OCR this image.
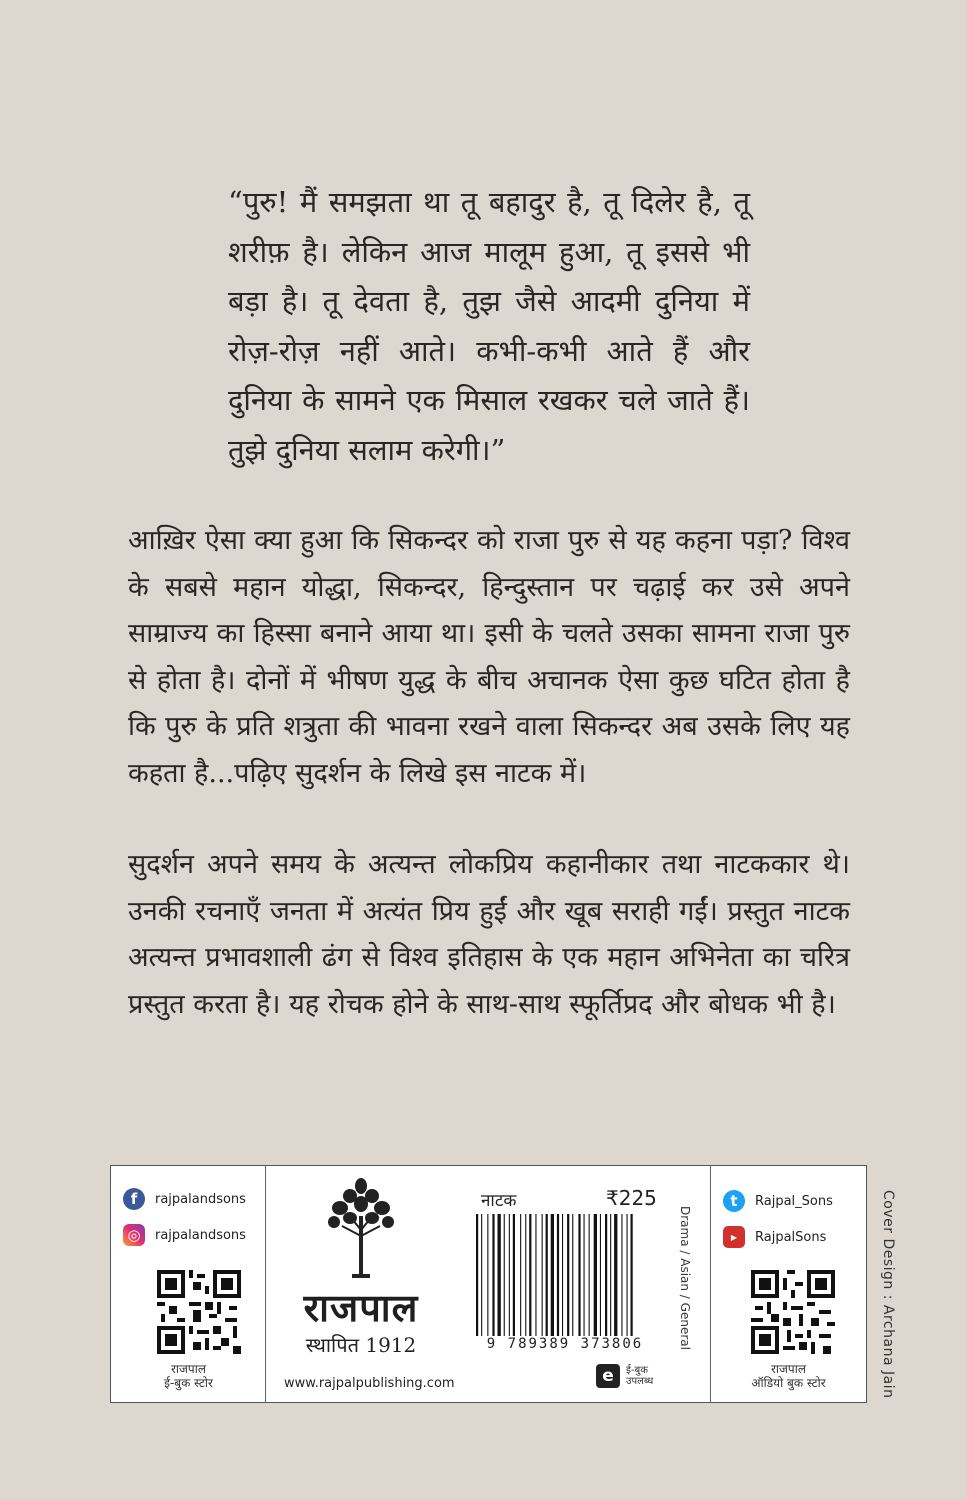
“पुरु! मैं समझता था तू बहादुर है, तू दिलेर है, तू शरीफ़ है। लेकिन आज मालूम हुआ, तू इससे भी बड़ा है। तू देवता है, तुझ जैसे आदमी दुनिया में रोज़-रोज़ नहीं आते। कभी-कभी आते हैं और दुनिया के सामने एक मिसाल रखकर चले जाते हैं। तुझे दुनिया सलाम करेगी।”
आख़िर ऐसा क्या हुआ कि सिकन्दर को राजा पुरु से यह कहना पड़ा? विश्व के सबसे महान योद्धा, सिकन्दर, हिन्दुस्तान पर चढ़ाई कर उसे अपने साम्राज्य का हिस्सा बनाने आया था। इसी के चलते उसका सामना राजा पुरु से होता है। दोनों में भीषण युद्ध के बीच अचानक ऐसा कुछ घटित होता है कि पुरु के प्रति शत्रुता की भावना रखने वाला सिकन्दर अब उसके लिए यह कहता है...पढ़िए सुदर्शन के लिखे इस नाटक में।
सुदर्शन अपने समय के अत्यन्त लोकप्रिय कहानीकार तथा नाटककार थे। उनकी रचनाएँ जनता में अत्यंत प्रिय हुईं और खूब सराही गईं। प्रस्तुत नाटक अत्यन्त प्रभावशाली ढंग से विश्व इतिहास के एक महान अभिनेता का चरित्र प्रस्तुत करता है। यह रोचक होने के साथ-साथ स्फूर्तिप्रद और बोधक भी है।
f	rajpalandsons
◎	rajpalandsons
राजपाल
ई-बुक स्टोर
राजपाल
स्थापित 1912
www.rajpalpublishing.com
नाटक	₹225
9 789389 373806	Drama / Asian / General
e	ई-बुक
उपलब्ध
t	Rajpal_Sons
▶	RajpalSons
राजपाल
ऑडियो बुक स्टोर	Cover Design : Archana Jain
